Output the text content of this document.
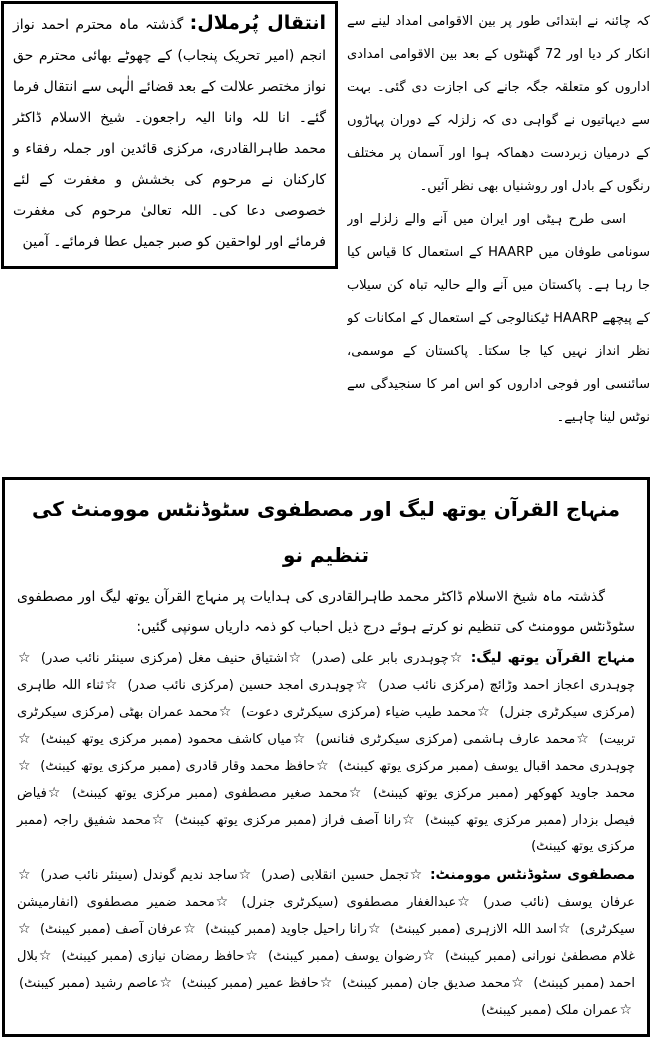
انتقال پُرملال: گذشتہ ماہ محترم احمد نواز انجم (امیر تحریک پنجاب) کے چھوٹے بھائی محترم حق نواز مختصر علالت کے بعد قضائے الٰہی سے انتقال فرما گئے۔ انا للہ وانا الیہ راجعون۔ شیخ الاسلام ڈاکٹر محمد طاہرالقادری، مرکزی قائدین اور جملہ رفقاء و کارکنان نے مرحوم کی بخشش و مغفرت کے لئے خصوصی دعا کی۔ اللہ تعالیٰ مرحوم کی مغفرت فرمائے اور لواحقین کو صبر جمیل عطا فرمائے۔ آمین

کہ چائنہ نے ابتدائی طور پر بین الاقوامی امداد لینے سے انکار کر دیا اور 72 گھنٹوں کے بعد بین الاقوامی امدادی اداروں کو متعلقہ جگہ جانے کی اجازت دی گئی۔ بہت سے دیہاتیوں نے گواہی دی کہ زلزلہ کے دوران پہاڑوں کے درمیان زبردست دھماکہ ہوا اور آسمان پر مختلف رنگوں کے بادل اور روشنیاں بھی نظر آئیں۔

اسی طرح ہیٹی اور ایران میں آنے والے زلزلے اور سونامی طوفان میں HAARP کے استعمال کا قیاس کیا جا رہا ہے۔ پاکستان میں آنے والے حالیہ تباہ کن سیلاب کے پیچھے HAARP ٹیکنالوجی کے استعمال کے امکانات کو نظر انداز نہیں کیا جا سکتا۔ پاکستان کے موسمی، سائنسی اور فوجی اداروں کو اس امر کا سنجیدگی سے نوٹس لینا چاہیے۔

منہاج القرآن یوتھ لیگ اور مصطفوی سٹوڈنٹس موومنٹ کی تنظیم نو

گذشتہ ماہ شیخ الاسلام ڈاکٹر محمد طاہرالقادری کی ہدایات پر منہاج القرآن یوتھ لیگ اور مصطفوی سٹوڈنٹس موومنٹ کی تنظیم نو کرتے ہوئے درج ذیل احباب کو ذمہ داریاں سونپی گئیں:

منہاج القرآن یوتھ لیگ: ☆چوہدری بابر علی (صدر) ☆اشتیاق حنیف مغل (مرکزی سینئر نائب صدر) ☆چوہدری اعجاز احمد وڑائچ (مرکزی نائب صدر) ☆چوہدری امجد حسین (مرکزی نائب صدر) ☆ثناء اللہ طاہری (مرکزی سیکرٹری جنرل) ☆محمد طیب ضیاء (مرکزی سیکرٹری دعوت) ☆محمد عمران بھٹی (مرکزی سیکرٹری تربیت) ☆محمد عارف ہاشمی (مرکزی سیکرٹری فنانس) ☆میاں کاشف محمود (ممبر مرکزی یوتھ کیبنٹ) ☆چوہدری محمد اقبال یوسف (ممبر مرکزی یوتھ کیبنٹ) ☆حافظ محمد وقار قادری (ممبر مرکزی یوتھ کیبنٹ) ☆محمد جاوید کھوکھر (ممبر مرکزی یوتھ کیبنٹ) ☆محمد صغیر مصطفوی (ممبر مرکزی یوتھ کیبنٹ) ☆فیاض فیصل بزدار (ممبر مرکزی یوتھ کیبنٹ) ☆رانا آصف فراز (ممبر مرکزی یوتھ کیبنٹ) ☆محمد شفیق راجہ (ممبر مرکزی یوتھ کیبنٹ)

مصطفوی سٹوڈنٹس موومنٹ: ☆تجمل حسین انقلابی (صدر) ☆ساجد ندیم گوندل (سینئر نائب صدر) ☆عرفان یوسف (نائب صدر) ☆عبدالغفار مصطفوی (سیکرٹری جنرل) ☆محمد ضمیر مصطفوی (انفارمیشن سیکرٹری) ☆اسد اللہ الازہری (ممبر کیبنٹ) ☆رانا راحیل جاوید (ممبر کیبنٹ) ☆عرفان آصف (ممبر کیبنٹ) ☆غلام مصطفیٰ نورانی (ممبر کیبنٹ) ☆رضوان یوسف (ممبر کیبنٹ) ☆حافظ رمضان نیازی (ممبر کیبنٹ) ☆بلال احمد (ممبر کیبنٹ) ☆محمد صدیق جان (ممبر کیبنٹ) ☆حافظ عمیر (ممبر کیبنٹ) ☆عاصم رشید (ممبر کیبنٹ) ☆عمران ملک (ممبر کیبنٹ)
